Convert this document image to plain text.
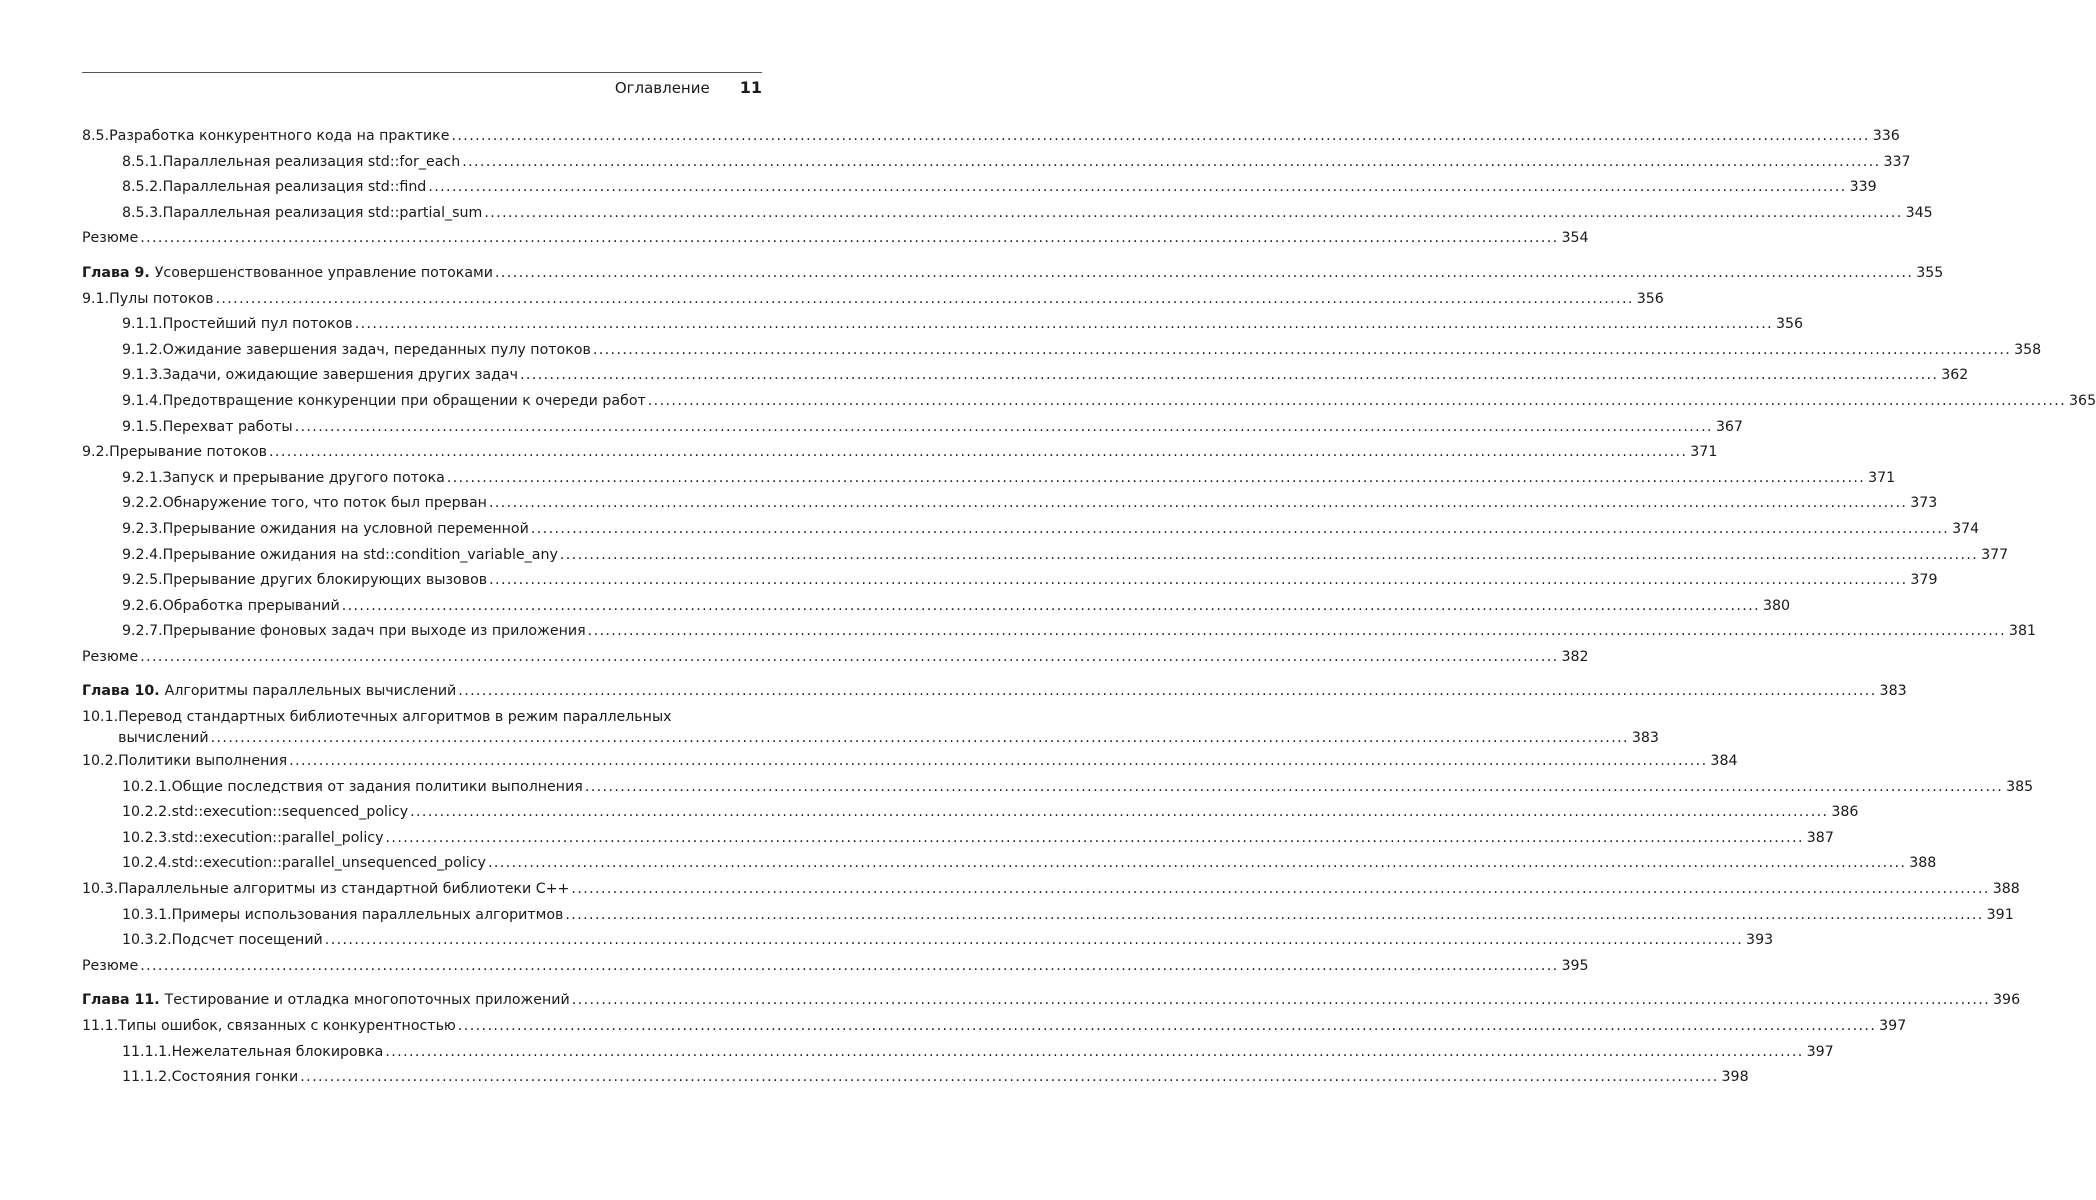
Оглавление 11
8.5. Разработка конкурентного кода на практике .....	336
8.5.1. Параллельная реализация std::for_each .....	337
8.5.2. Параллельная реализация std::find .....	339
8.5.3. Параллельная реализация std::partial_sum .....	345
Резюме .....	354
Глава 9. Усовершенствованное управление потоками .....	355
9.1. Пулы потоков .....	356
9.1.1. Простейший пул потоков .....	356
9.1.2. Ожидание завершения задач, переданных пулу потоков .....	358
9.1.3. Задачи, ожидающие завершения других задач .....	362
9.1.4. Предотвращение конкуренции при обращении к очереди работ .....	365
9.1.5. Перехват работы .....	367
9.2. Прерывание потоков .....	371
9.2.1. Запуск и прерывание другого потока .....	371
9.2.2. Обнаружение того, что поток был прерван .....	373
9.2.3. Прерывание ожидания на условной переменной .....	374
9.2.4. Прерывание ожидания на std::condition_variable_any .....	377
9.2.5. Прерывание других блокирующих вызовов .....	379
9.2.6. Обработка прерываний .....	380
9.2.7. Прерывание фоновых задач при выходе из приложения .....	381
Резюме .....	382
Глава 10. Алгоритмы параллельных вычислений .....	383
10.1. Перевод стандартных библиотечных алгоритмов в режим параллельных
вычислений .....	383
10.2. Политики выполнения .....	384
10.2.1. Общие последствия от задания политики выполнения .....	385
10.2.2. std::execution::sequenced_policy .....	386
10.2.3. std::execution::parallel_policy .....	387
10.2.4. std::execution::parallel_unsequenced_policy .....	388
10.3. Параллельные алгоритмы из стандартной библиотеки C++ .....	388
10.3.1. Примеры использования параллельных алгоритмов .....	391
10.3.2. Подсчет посещений .....	393
Резюме .....	395
Глава 11. Тестирование и отладка многопоточных приложений .....	396
11.1. Типы ошибок, связанных с конкурентностью .....	397
11.1.1. Нежелательная блокировка .....	397
11.1.2. Состояния гонки .....	398
